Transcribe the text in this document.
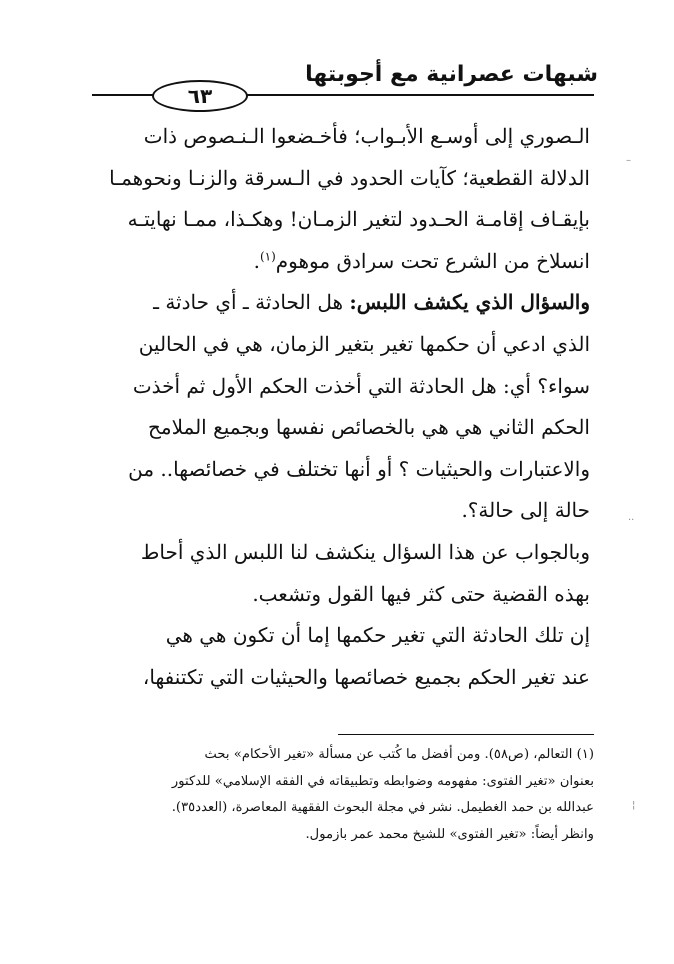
شبهات عصرانية مع أجوبتها
٦٣
الـصوري إلى أوسـع الأبـواب؛ فأخـضعوا الـنـصوص ذات
الدلالة القطعية؛ كآيات الحدود في الـسرقة والزنـا ونحوهمـا
بإيقـاف إقامـة الحـدود لتغير الزمـان! وهكـذا، ممـا نهايتـه
انسلاخ من الشرع تحت سرادق موهوم$^{(١)}$.
والسؤال الذي يكشف اللبس: هل الحادثة ـ أي حادثة ـ
الذي ادعي أن حكمها تغير بتغير الزمان، هي في الحالين
سواء؟ أي: هل الحادثة التي أخذت الحكم الأول ثم أخذت
الحكم الثاني هي هي بالخصائص نفسها وبجميع الملامح
والاعتبارات والحيثيات ؟ أو أنها تختلف في خصائصها.. من
حالة إلى حالة؟.
وبالجواب عن هذا السؤال ينكشف لنا اللبس الذي أحاط
بهذه القضية حتى كثر فيها القول وتشعب.
إن تلك الحادثة التي تغير حكمها إما أن تكون هي هي
عند تغير الحكم بجميع خصائصها والحيثيات التي تكتنفها،
(١) التعالم، (ص٥٨). ومن أفضل ما كُتب عن مسألة «تغير الأحكام» بحث
بعنوان «تغير الفتوى: مفهومه وضوابطه وتطبيقاته في الفقه الإسلامي» للدكتور
عبدالله بن حمد الغطيمل. نشر في مجلة البحوث الفقهية المعاصرة، (العدد٣٥).
وانظر أيضاً: «تغير الفتوى» للشيخ محمد عمر بازمول.
–
··
¦
